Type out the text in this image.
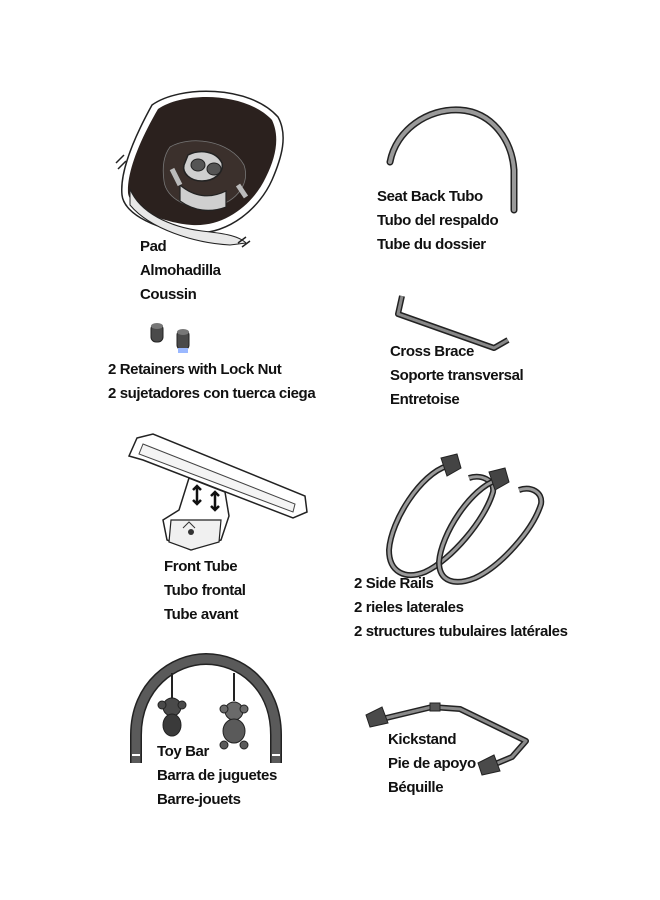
Pad
Almohadilla
Coussin

Seat Back Tubo
Tubo del respaldo
Tube du dossier

2 Retainers with Lock Nut
2 sujetadores con tuerca ciega

Cross Brace
Soporte transversal
Entretoise

Front Tube
Tubo frontal
Tube avant

2 Side Rails
2 rieles laterales
2 structures tubulaires latérales

Toy Bar
Barra de juguetes
Barre-jouets

Kickstand
Pie de apoyo
Béquille
